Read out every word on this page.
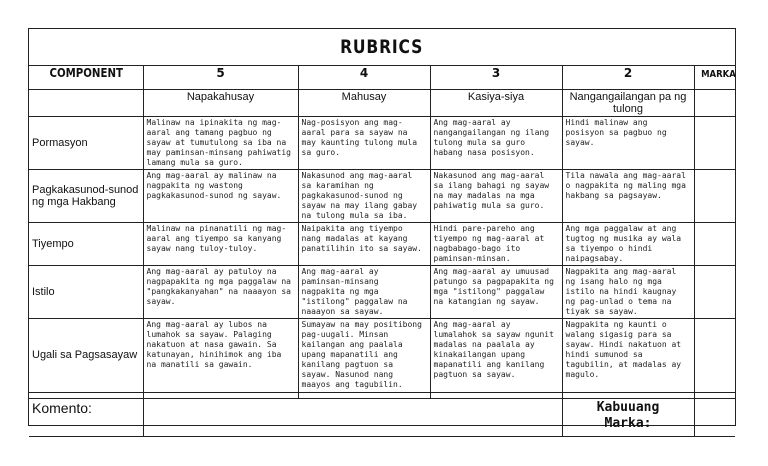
RUBRICS
COMPONENT	5	4	3	2	MARKA
	Napakahusay	Mahusay	Kasiya-siya	Nangangailangan pa ng tulong	
Pormasyon	Malinaw na ipinakita ng mag-aaral ang tamang pagbuo ng sayaw at tumutulong sa iba na may paminsan-minsang pahiwatig lamang mula sa guro.	Nag-posisyon ang mag-aaral para sa sayaw na may kaunting tulong mula sa guro.	Ang mag-aaral ay nangangailangan ng ilang tulong mula sa guro habang nasa posisyon.	Hindi malinaw ang posisyon sa pagbuo ng sayaw.	
Pagkakasunod-sunod ng mga Hakbang	Ang mag-aaral ay malinaw na nagpakita ng wastong pagkakasunod-sunod ng sayaw.	Nakasunod ang mag-aaral sa karamihan ng pagkakasunod-sunod ng sayaw na may ilang gabay na tulong mula sa iba.	Nakasunod ang mag-aaral sa ilang bahagi ng sayaw na may madalas na mga pahiwatig mula sa guro.	Tila nawala ang mag-aaral o nagpakita ng maling mga hakbang sa pagsayaw.	
Tiyempo	Malinaw na pinanatili ng mag-aaral ang tiyempo sa kanyang sayaw nang tuloy-tuloy.	Naipakita ang tiyempo nang madalas at kayang panatilihin ito sa sayaw.	Hindi pare-pareho ang tiyempo ng mag-aaral at nagbabago-bago ito paminsan-minsan.	Ang mga paggalaw at ang tugtog ng musika ay wala sa tiyempo o hindi naipagsabay.	
Istilo	Ang mag-aaral ay patuloy na nagpapakita ng mga paggalaw na "pangkakanyahan" na naaayon sa sayaw.	Ang mag-aaral ay paminsan-minsang nagpakita ng mga "istilong" paggalaw na naaayon sa sayaw.	Ang mag-aaral ay umuusad patungo sa pagpapakita ng mga "istilong" paggalaw na katangian ng sayaw.	Nagpakita ang mag-aaral ng isang halo ng mga istilo na hindi kaugnay ng pag-unlad o tema na tiyak sa sayaw.	
Ugali sa Pagsasayaw	Ang mag-aaral ay lubos na lumahok sa sayaw. Palaging nakatuon at nasa gawain. Sa katunayan, hinihimok ang iba na manatili sa gawain.	Sumayaw na may positibong pag-uugali. Minsan kailangan ang paalala upang mapanatili ang kanilang pagtuon sa sayaw. Nasunod nang maayos ang tagubilin.	Ang mag-aaral ay lumalahok sa sayaw ngunit madalas na paalala ay kinakailangan upang mapanatili ang kanilang pagtuon sa sayaw.	Nagpakita ng kaunti o walang sigasig para sa sayaw. Hindi nakatuon at hindi sumunod sa tagubilin, at madalas ay magulo.	

Komento:				Kabuuang
Marka:	
